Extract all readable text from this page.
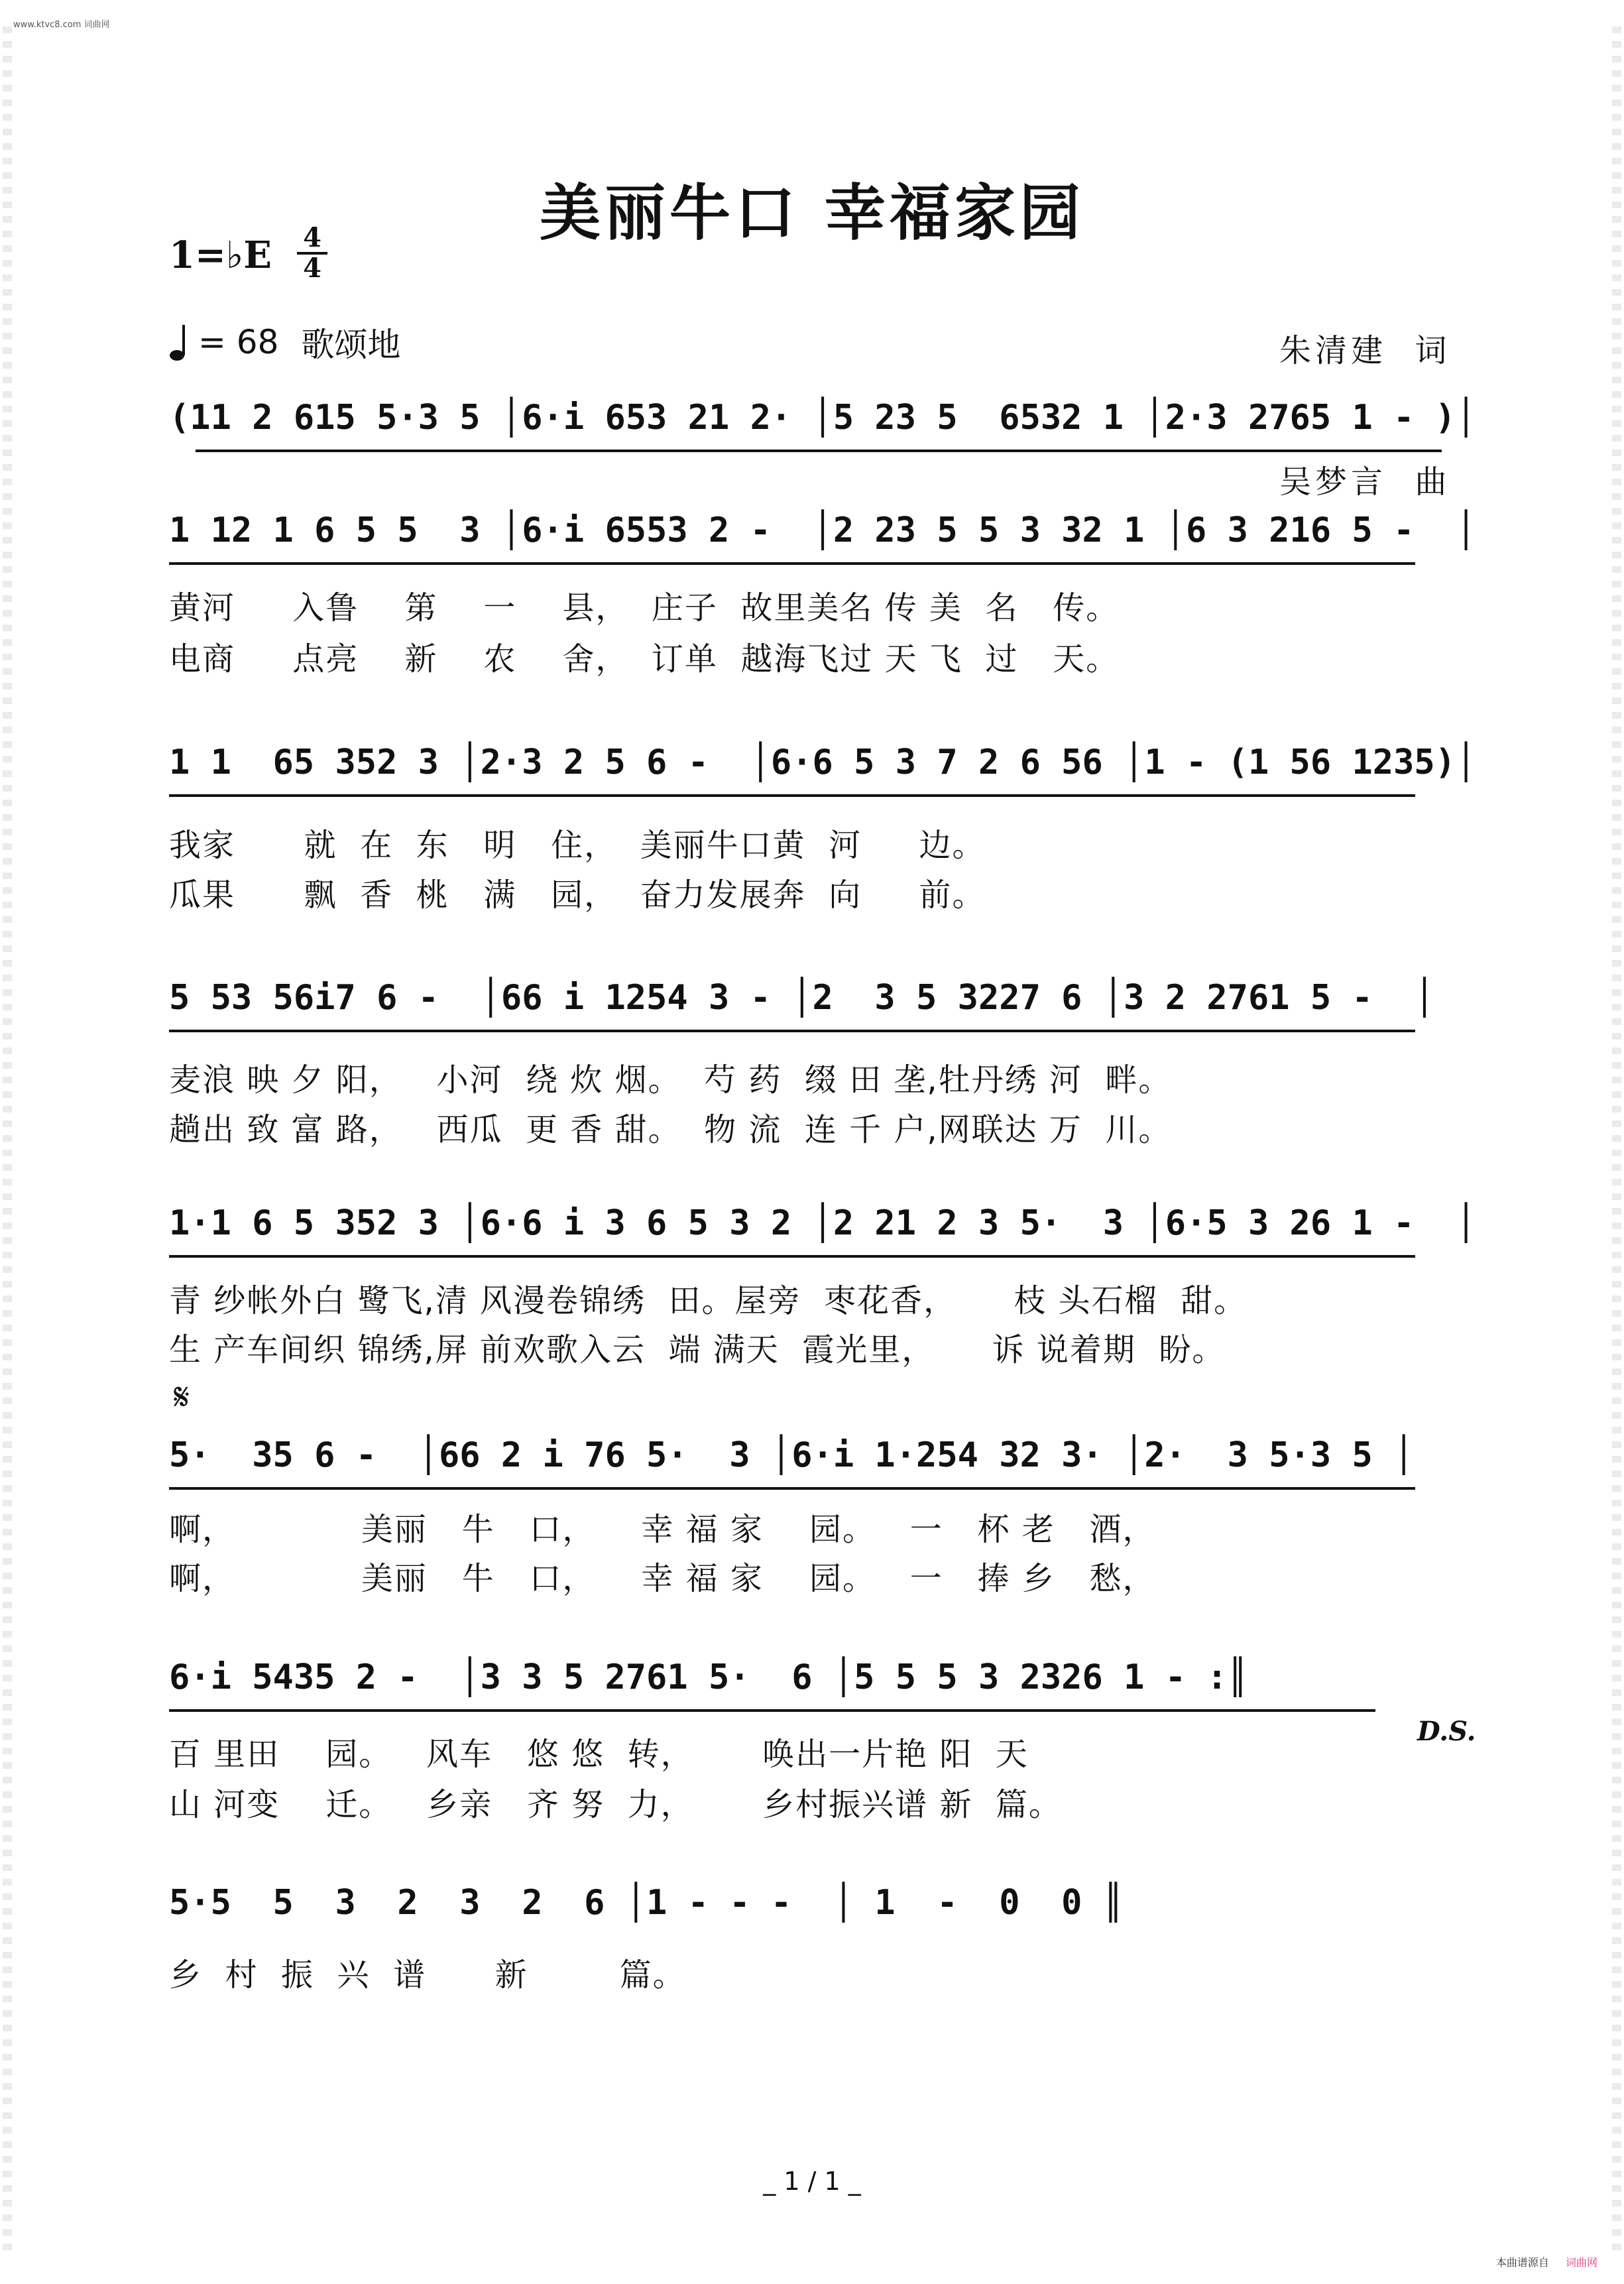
www.ktvc8.com 词曲网
美丽牛口 幸福家园
1=♭E 4
4
= 68 歌颂地

	朱清建  词

吴梦言  曲

(11 2 615 5·3 5 │6·i 653 21 2· │5 23 5  6532 1 │2·3 2765 1 - )│
1 12 1 6 5 5  3 │6·i 6553 2 -  │2 23 5 5 3 32 1 │6 3 216 5 -  │
黄河     入鲁    第    一    县，  庄子  故里美名 传 美  名   传。
电商     点亮    新    农    舍，  订单  越海飞过 天 飞  过   天。
1 1  65 352 3 │2·3 2 5 6 -  │6·6 5 3 7 2 6 56 │1 - (1 56 1235)│
我家      就  在  东   明   住，  美丽牛口黄  河     边。
瓜果      飘  香  桃   满   园，  奋力发展奔  向     前。
5 53 56i7 6 -  │66 i 1254 3 - │2  3 5 3227 6 │3 2 2761 5 -  │
麦浪 映 夕 阳，   小河  绕 炊 烟。  芍 药  缀 田 垄,牡丹绣 河  畔。
趟出 致 富 路，   西瓜  更 香 甜。  物 流  连 千 户,网联达 万  川。
1·1 6 5 352 3 │6·6 i 3 6 5 3 2 │2 21 2 3 5·  3 │6·5 3 26 1 -  │
青 纱帐外白 鹭飞,清 风漫卷锦绣  田。屋旁  枣花香，     枝 头石榴  甜。
生 产车间织 锦绣,屏 前欢歌入云  端 满天  霞光里，     诉 说着期  盼。
𝄋
5·  35 6 -  │66 2 i 76 5·  3 │6·i 1·254 32 3· │2·  3 5·3 5 │
啊，           美丽   牛   口，    幸 福 家    园。   一   杯 老   酒，
啊，           美丽   牛   口，    幸 福 家    园。   一   捧 乡   愁，
6·i 5435 2 -  │3 3 5 2761 5·  6 │5 5 5 3 2326 1 - :║
D.S.
百 里田    园。   风车   悠 悠  转，      唤出一片艳 阳  天
山 河变    迁。   乡亲   齐 努  力，      乡村振兴谱 新  篇。
5·5  5  3  2  3  2  6 │1 - - -  │ 1  -  0  0 ║
乡  村  振  兴  谱      新        篇。
_ 1 / 1 _
本曲谱源自 词曲网
